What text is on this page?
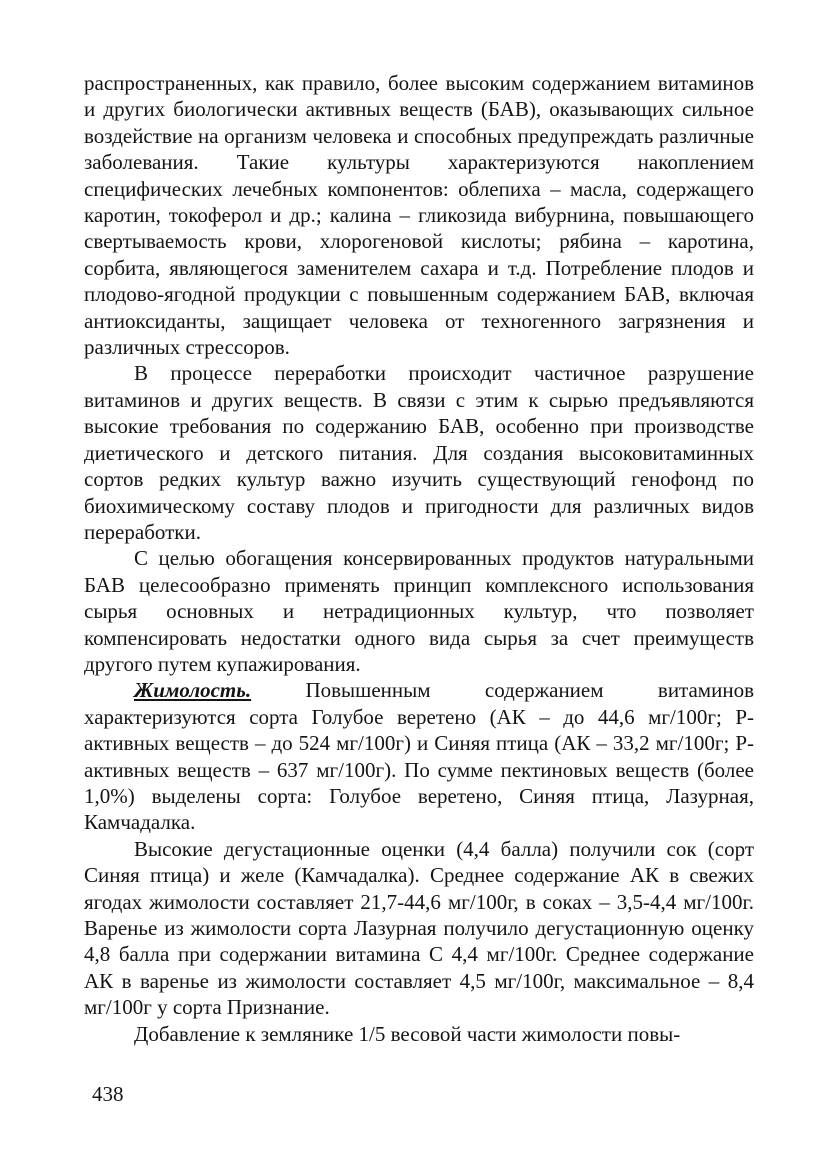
распространенных, как правило, более высоким содержанием витаминов и других биологически активных веществ (БАВ), оказывающих сильное воздействие на организм человека и способных предупреждать различные заболевания. Такие культуры характеризуются накоплением специфических лечебных компонентов: облепиха – масла, содержащего каротин, токоферол и др.; калина – гликозида вибурнина, повышающего свертываемость крови, хлорогеновой кислоты; рябина – каротина, сорбита, являющегося заменителем сахара и т.д. Потребление плодов и плодово-ягодной продукции с повышенным содержанием БАВ, включая антиоксиданты, защищает человека от техногенного загрязнения и различных стрессоров.

В процессе переработки происходит частичное разрушение витаминов и других веществ. В связи с этим к сырью предъявляются высокие требования по содержанию БАВ, особенно при производстве диетического и детского питания. Для создания высоковитаминных сортов редких культур важно изучить существующий генофонд по биохимическому составу плодов и пригодности для различных видов переработки.

С целью обогащения консервированных продуктов натуральными БАВ целесообразно применять принцип комплексного использования сырья основных и нетрадиционных культур, что позволяет компенсировать недостатки одного вида сырья за счет преимуществ другого путем купажирования.

Жимолость. Повышенным содержанием витаминов характеризуются сорта Голубое веретено (АК – до 44,6 мг/100г; Р-активных веществ – до 524 мг/100г) и Синяя птица (АК – 33,2 мг/100г; Р-активных веществ – 637 мг/100г). По сумме пектиновых веществ (более 1,0%) выделены сорта: Голубое веретено, Синяя птица, Лазурная, Камчадалка.

Высокие дегустационные оценки (4,4 балла) получили сок (сорт Синяя птица) и желе (Камчадалка). Среднее содержание АК в свежих ягодах жимолости составляет 21,7-44,6 мг/100г, в соках – 3,5-4,4 мг/100г. Варенье из жимолости сорта Лазурная получило дегустационную оценку 4,8 балла при содержании витамина С 4,4 мг/100г. Среднее содержание АК в варенье из жимолости составляет 4,5 мг/100г, максимальное – 8,4 мг/100г у сорта Признание.

Добавление к землянике 1/5 весовой части жимолости повы-

438
